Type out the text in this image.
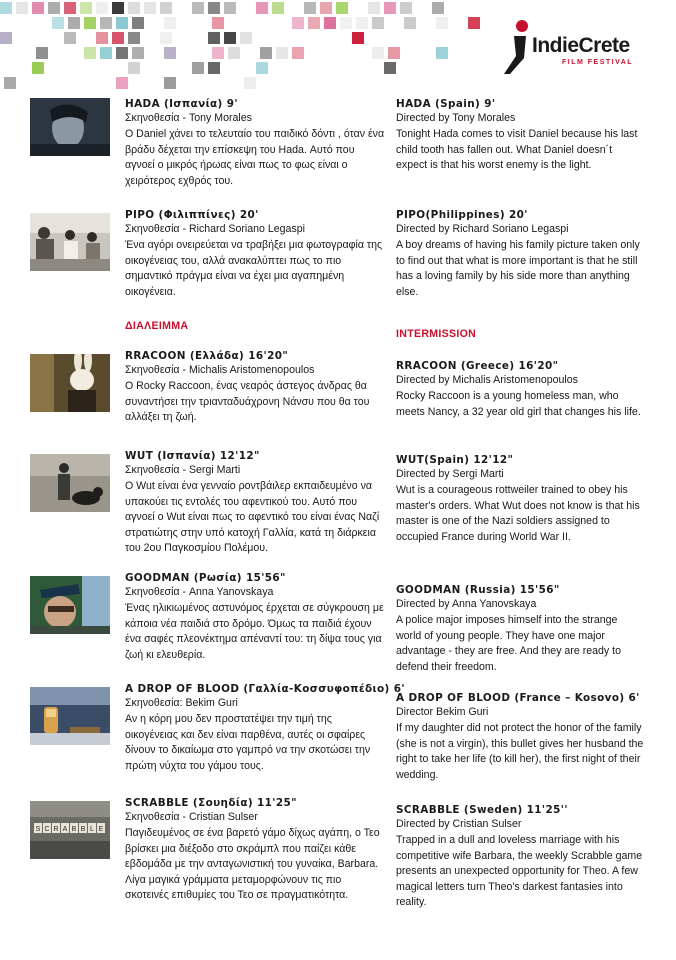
IndieCrete
FILM FESTIVAL
S C R A B B L E
HADA (Ισπανία) 9'
Σκηνοθεσία - Tony Morales
Ο Daniel χάνει το τελευταίο του παιδικό δόντι , όταν ένα βράδυ δέχεται την επίσκεψη του Hada. Αυτό που αγνοεί ο μικρός ήρωας είναι πως το φως είναι ο χειρότερος εχθρός του.
PIPO (Φιλιππίνες) 20'
Σκηνοθεσία - Richard Soriano Legaspi
Ένα αγόρι ονειρεύεται να τραβήξει μια φωτογραφία της οικογένειας του, αλλά ανακαλύπτει πως το πιο σημαντικό πράγμα είναι να έχει μια αγαπημένη οικογένεια.
RRACOON (Ελλάδα) 16'20"
Σκηνοθεσία - Michalis Aristomenopoulos
Ο Rocky Raccoon, ένας νεαρός άστεγος άνδρας θα συναντήσει την τριανταδυάχρονη Νάνσυ που θα του αλλάξει τη ζωή.
WUT (Ισπανία) 12'12"
Σκηνοθεσία - Sergi Marti
O Wut είναι ένα γενναίο ροντβάιλερ εκπαιδευμένο να υπακούει τις εντολές του αφεντικού του. Αυτό που αγνοεί ο Wut είναι πως το αφεντικό του είναι ένας Ναζί στρατιώτης στην υπό κατοχή Γαλλία, κατά τη διάρκεια του 2ου Παγκοσμίου Πολέμου.
GOODMAN (Ρωσία) 15'56"
Σκηνοθεσία - Anna Yanovskaya
Ένας ηλικιωμένος αστυνόμος έρχεται σε σύγκρουση με κάποια νέα παιδιά στο δρόμο. Όμως τα παιδιά έχουν ένα σαφές πλεονέκτημα απέναντί του: τη δίψα τους για ζωή κι ελευθερία.
A DROP OF BLOOD (Γαλλία-Κοσσυφοπέδιο) 6'
Σκηνοθεσία: Bekim Guri
Αν η κόρη μου δεν προστατέψει την τιμή της οικογένειας και δεν είναι παρθένα, αυτές οι σφαίρες δίνουν το δικαίωμα στο γαμπρό να την σκοτώσει την πρώτη νύχτα του γάμου τους.
SCRABBLE (Σουηδία) 11'25"
Σκηνοθεσία - Cristian Sulser
Παγιδευμένος σε ένα βαρετό γάμο δίχως αγάπη, ο Τεο βρίσκει μια διέξοδο στο σκράμπλ που παίζει κάθε εβδομάδα με την ανταγωνιστική του γυναίκα, Barbara. Λίγα μαγικά γράμματα μεταμορφώνουν τις πιο σκοτεινές επιθυμίες του Τεο σε πραγματικότητα.
ΔΙΑΛΕΙΜΜΑ
HADA (Spain) 9'
Directed by Tony Morales
Tonight Hada comes to visit Daniel because his last child tooth has fallen out. What Daniel doesn´t expect is that his worst enemy is the light.
PIPO(Philippines) 20'
Directed by Richard Soriano Legaspi
A boy dreams of having his family picture taken only to find out that what is more important is that he still has a loving family by his side more than anything else.
RRACOON (Greece) 16'20"
Directed by Michalis Aristomenopoulos
Rocky Raccoon is a young homeless man, who meets Nancy, a 32 year old girl that changes his life.
WUT(Spain) 12'12"
Directed by Sergi Marti
Wut is a courageous rottweiler trained to obey his master's orders. What Wut does not know is that his master is one of the Nazi soldiers assigned to occupied France during World War II.
GOODMAN (Russia) 15'56"
Directed by Anna Yanovskaya
A police major imposes himself into the strange world of young people. They have one major advantage - they are free. And they are ready to defend their freedom.
A DROP OF BLOOD (France – Kosovo) 6'
Director Bekim Guri
If my daughter did not protect the honor of the family (she is not a virgin), this bullet gives her husband the right to take her life (to kill her), the first night of their wedding.
SCRABBLE (Sweden) 11'25''
Directed by Cristian Sulser
Trapped in a dull and loveless marriage with his competitive wife Barbara, the weekly Scrabble game presents an unexpected opportunity for Theo. A few magical letters turn Theo's darkest fantasies into reality.
INTERMISSION
